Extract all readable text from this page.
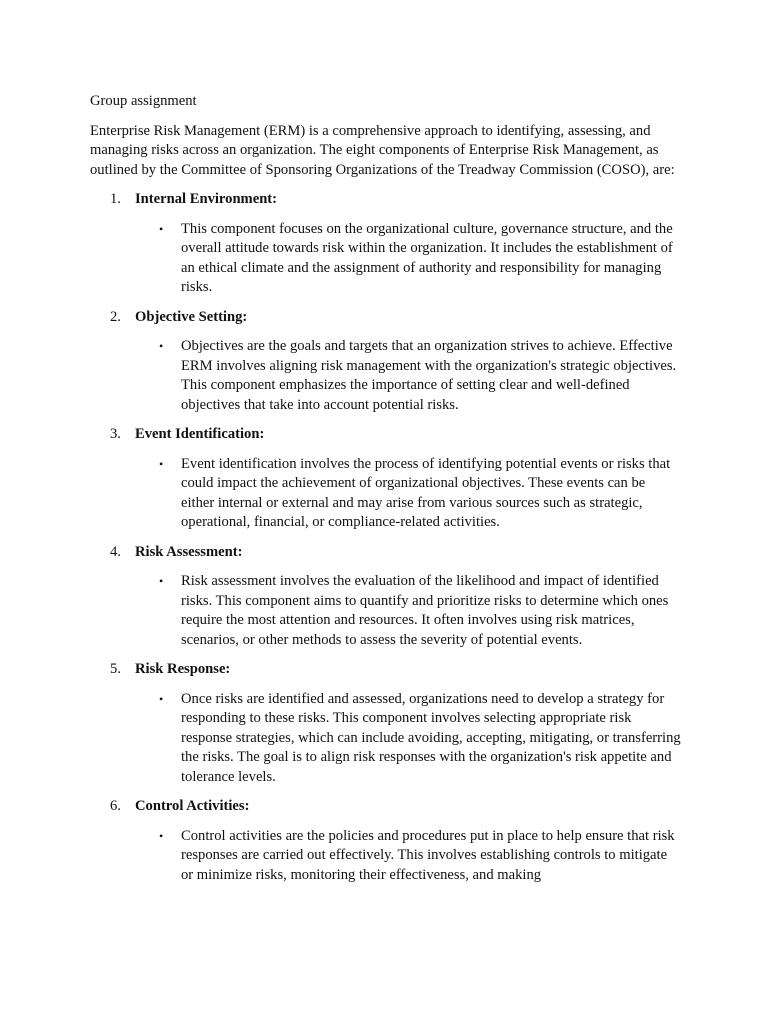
Group assignment

Enterprise Risk Management (ERM) is a comprehensive approach to identifying, assessing, and managing risks across an organization. The eight components of Enterprise Risk Management, as outlined by the Committee of Sponsoring Organizations of the Treadway Commission (COSO), are:

1. Internal Environment:
• This component focuses on the organizational culture, governance structure, and the overall attitude towards risk within the organization. It includes the establishment of an ethical climate and the assignment of authority and responsibility for managing risks.
2. Objective Setting:
• Objectives are the goals and targets that an organization strives to achieve. Effective ERM involves aligning risk management with the organization's strategic objectives. This component emphasizes the importance of setting clear and well-defined objectives that take into account potential risks.
3. Event Identification:
• Event identification involves the process of identifying potential events or risks that could impact the achievement of organizational objectives. These events can be either internal or external and may arise from various sources such as strategic, operational, financial, or compliance-related activities.
4. Risk Assessment:
• Risk assessment involves the evaluation of the likelihood and impact of identified risks. This component aims to quantify and prioritize risks to determine which ones require the most attention and resources. It often involves using risk matrices, scenarios, or other methods to assess the severity of potential events.
5. Risk Response:
• Once risks are identified and assessed, organizations need to develop a strategy for responding to these risks. This component involves selecting appropriate risk response strategies, which can include avoiding, accepting, mitigating, or transferring the risks. The goal is to align risk responses with the organization's risk appetite and tolerance levels.
6. Control Activities:
• Control activities are the policies and procedures put in place to help ensure that risk responses are carried out effectively. This involves establishing controls to mitigate or minimize risks, monitoring their effectiveness, and making
